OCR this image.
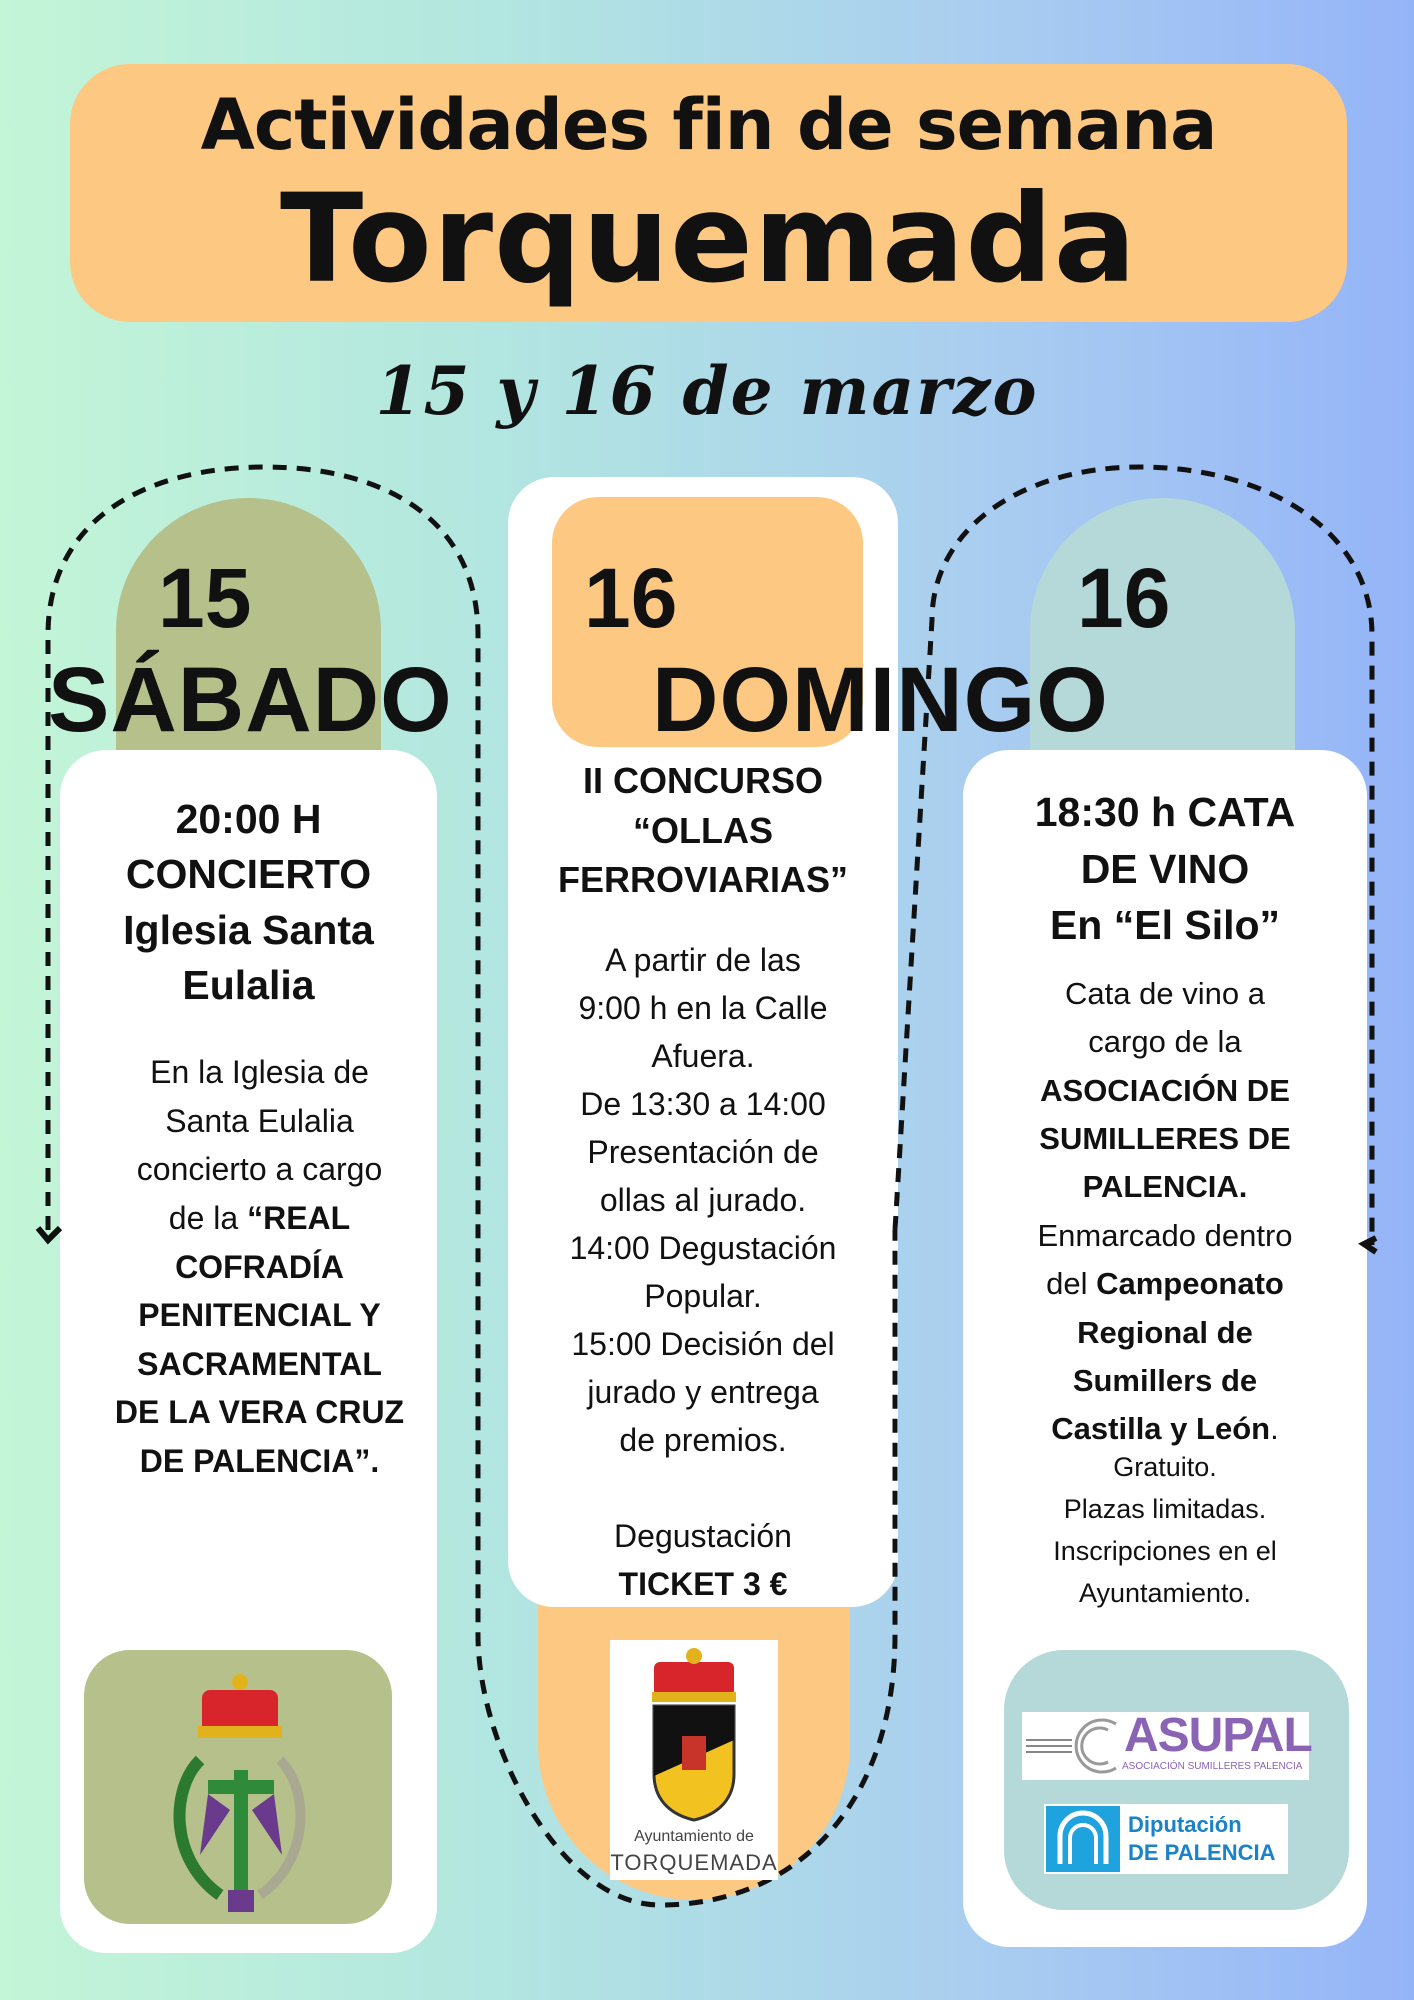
Actividades fin de semana
Torquemada
15 y 16 de marzo
15	16	16
SÁBADO DOMINGO
20:00 H
CONCIERTO
Iglesia Santa
Eulalia
En la Iglesia de
Santa Eulalia
concierto a cargo
de la “REAL
COFRADÍA
PENITENCIAL Y
SACRAMENTAL
DE LA VERA CRUZ
DE PALENCIA”.
II CONCURSO
“OLLAS
FERROVIARIAS”
A partir de las
9:00 h en la Calle
Afuera.
De 13:30 a 14:00
Presentación de
ollas al jurado.
14:00 Degustación
Popular.
15:00 Decisión del
jurado y entrega
de premios.
Degustación
TICKET 3 €
18:30 h CATA
DE VINO
En “El Silo”
Cata de vino a
cargo de la
ASOCIACIÓN DE
SUMILLERES DE
PALENCIA.
Enmarcado dentro
del Campeonato
Regional de
Sumillers de
Castilla y León.
Gratuito.
Plazas limitadas.
Inscripciones en el
Ayuntamiento.
Ayuntamiento de
TORQUEMADA
ASUPAL
ASOCIACIÓN SUMILLERES PALENCIA
Diputación
DE PALENCIA
